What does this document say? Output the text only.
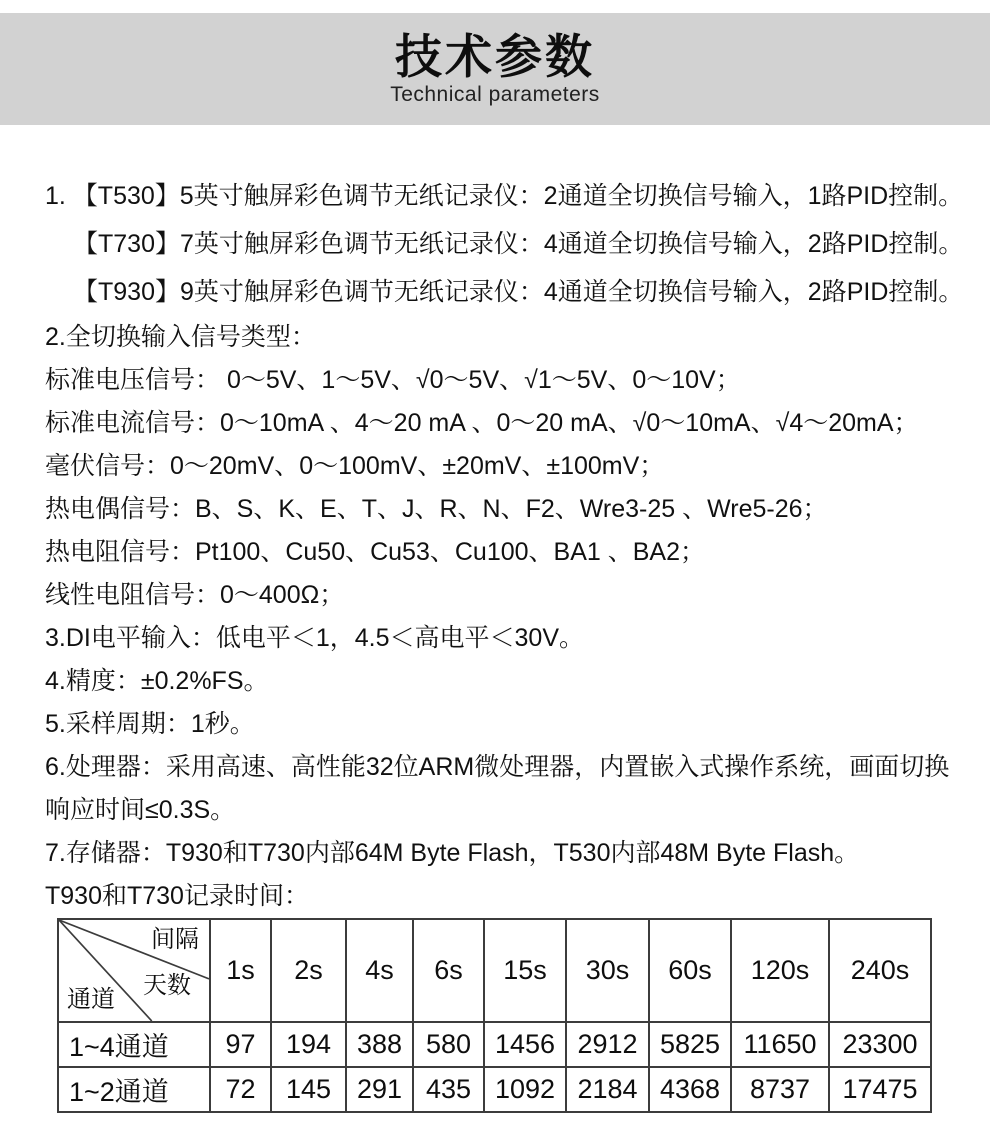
技术参数
Technical parameters
1. 【T530】5英寸触屏彩色调节无纸记录仪：2通道全切换信号输入，1路PID控制。
【T730】7英寸触屏彩色调节无纸记录仪：4通道全切换信号输入，2路PID控制。
【T930】9英寸触屏彩色调节无纸记录仪：4通道全切换信号输入，2路PID控制。
2.全切换输入信号类型：
标准电压信号： 0～5V、1～5V、√0～5V、√1～5V、0～10V；
标准电流信号：0～10mA 、4～20 mA 、0～20 mA、√0～10mA、√4～20mA；
毫伏信号：0～20mV、0～100mV、±20mV、±100mV；
热电偶信号：B、S、K、E、T、J、R、N、F2、Wre3-25 、Wre5-26；
热电阻信号：Pt100、Cu50、Cu53、Cu100、BA1 、BA2；
线性电阻信号：0～400Ω；
3.DI电平输入：低电平＜1，4.5＜高电平＜30V。
4.精度：±0.2%FS。
5.采样周期：1秒。
6.处理器：采用高速、高性能32位ARM微处理器，内置嵌入式操作系统，画面切换
响应时间≤0.3S。
7.存储器：T930和T730内部64M Byte Flash，T530内部48M Byte Flash。
T930和T730记录时间：
间隔
天数
通道	1s	2s	4s	6s	15s	30s	60s	120s	240s
1~4通道	97	194	388	580	1456	2912	5825	11650	23300
1~2通道	72	145	291	435	1092	2184	4368	8737	17475
